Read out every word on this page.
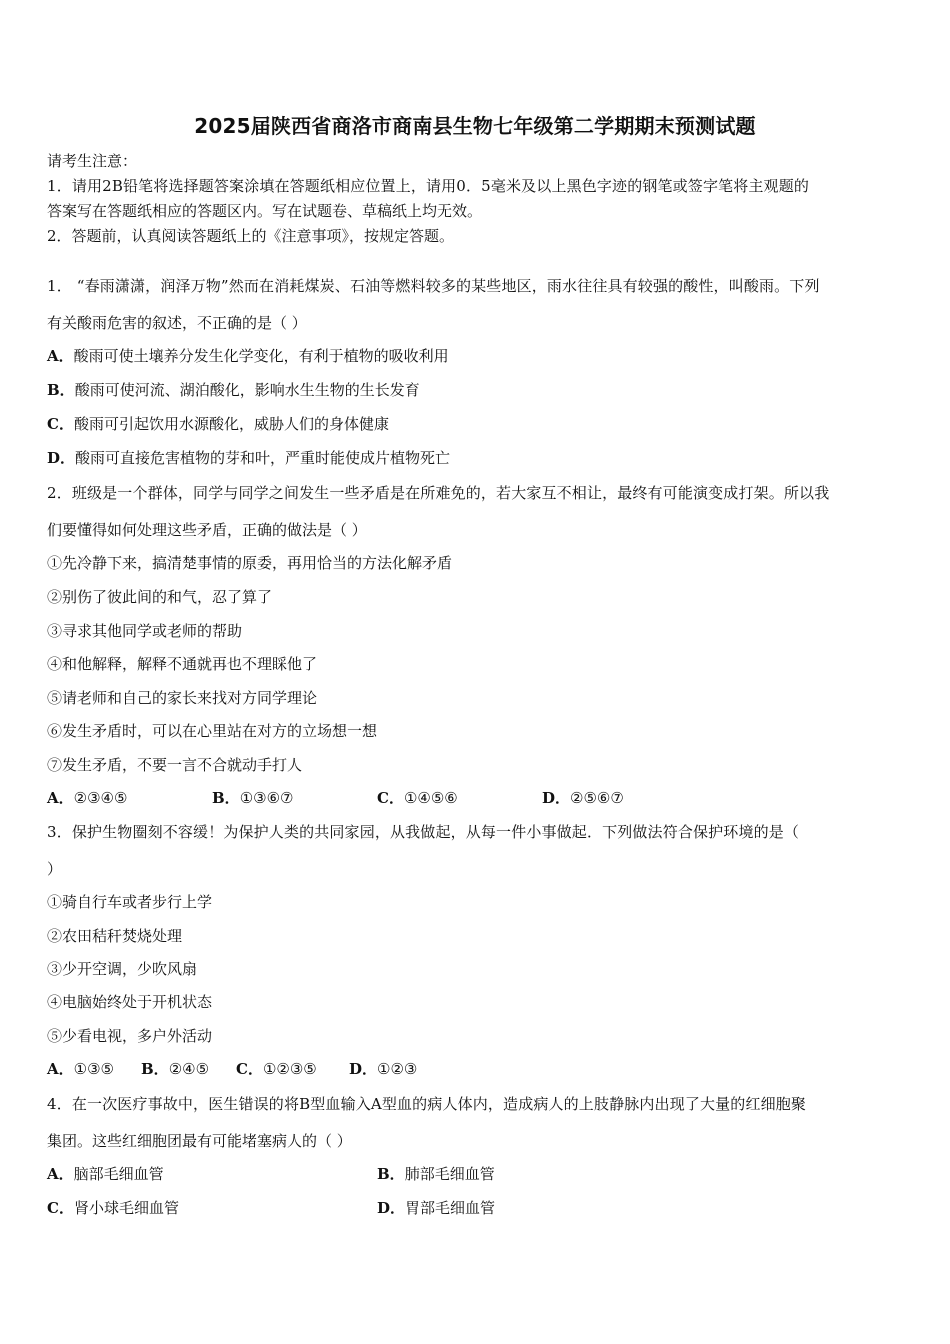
2025届陕西省商洛市商南县生物七年级第二学期期末预测试题
请考生注意：
1．请用2B铅笔将选择题答案涂填在答题纸相应位置上，请用0．5毫米及以上黑色字迹的钢笔或签字笔将主观题的
答案写在答题纸相应的答题区内。写在试题卷、草稿纸上均无效。
2．答题前，认真阅读答题纸上的《注意事项》，按规定答题。
1． “春雨潇潇，润泽万物”然而在消耗煤炭、石油等燃料较多的某些地区，雨水往往具有较强的酸性，叫酸雨。下列
有关酸雨危害的叙述，不正确的是（ ）
A．酸雨可使土壤养分发生化学变化，有利于植物的吸收利用
B．酸雨可使河流、湖泊酸化，影响水生生物的生长发育
C．酸雨可引起饮用水源酸化，威胁人们的身体健康
D．酸雨可直接危害植物的芽和叶，严重时能使成片植物死亡
2．班级是一个群体，同学与同学之间发生一些矛盾是在所难免的，若大家互不相让，最终有可能演变成打架。所以我
们要懂得如何处理这些矛盾，正确的做法是（ ）
①先冷静下来，搞清楚事情的原委，再用恰当的方法化解矛盾
②别伤了彼此间的和气，忍了算了
③寻求其他同学或老师的帮助
④和他解释，解释不通就再也不理睬他了
⑤请老师和自己的家长来找对方同学理论
⑥发生矛盾时，可以在心里站在对方的立场想一想
⑦发生矛盾，不要一言不合就动手打人
A．②③④⑤	B．①③⑥⑦	C．①④⑤⑥	D．②⑤⑥⑦
3．保护生物圈刻不容缓！为保护人类的共同家园，从我做起，从每一件小事做起．下列做法符合保护环境的是（
）
①骑自行车或者步行上学
②农田秸秆焚烧处理
③少开空调，少吹风扇
④电脑始终处于开机状态
⑤少看电视，多户外活动
A．①③⑤ B．②④⑤ C．①②③⑤ D．①②③
4．在一次医疗事故中，医生错误的将B型血输入A型血的病人体内，造成病人的上肢静脉内出现了大量的红细胞聚
集团。这些红细胞团最有可能堵塞病人的（ ）
A．脑部毛细血管	B．肺部毛细血管
C．肾小球毛细血管	D．胃部毛细血管
